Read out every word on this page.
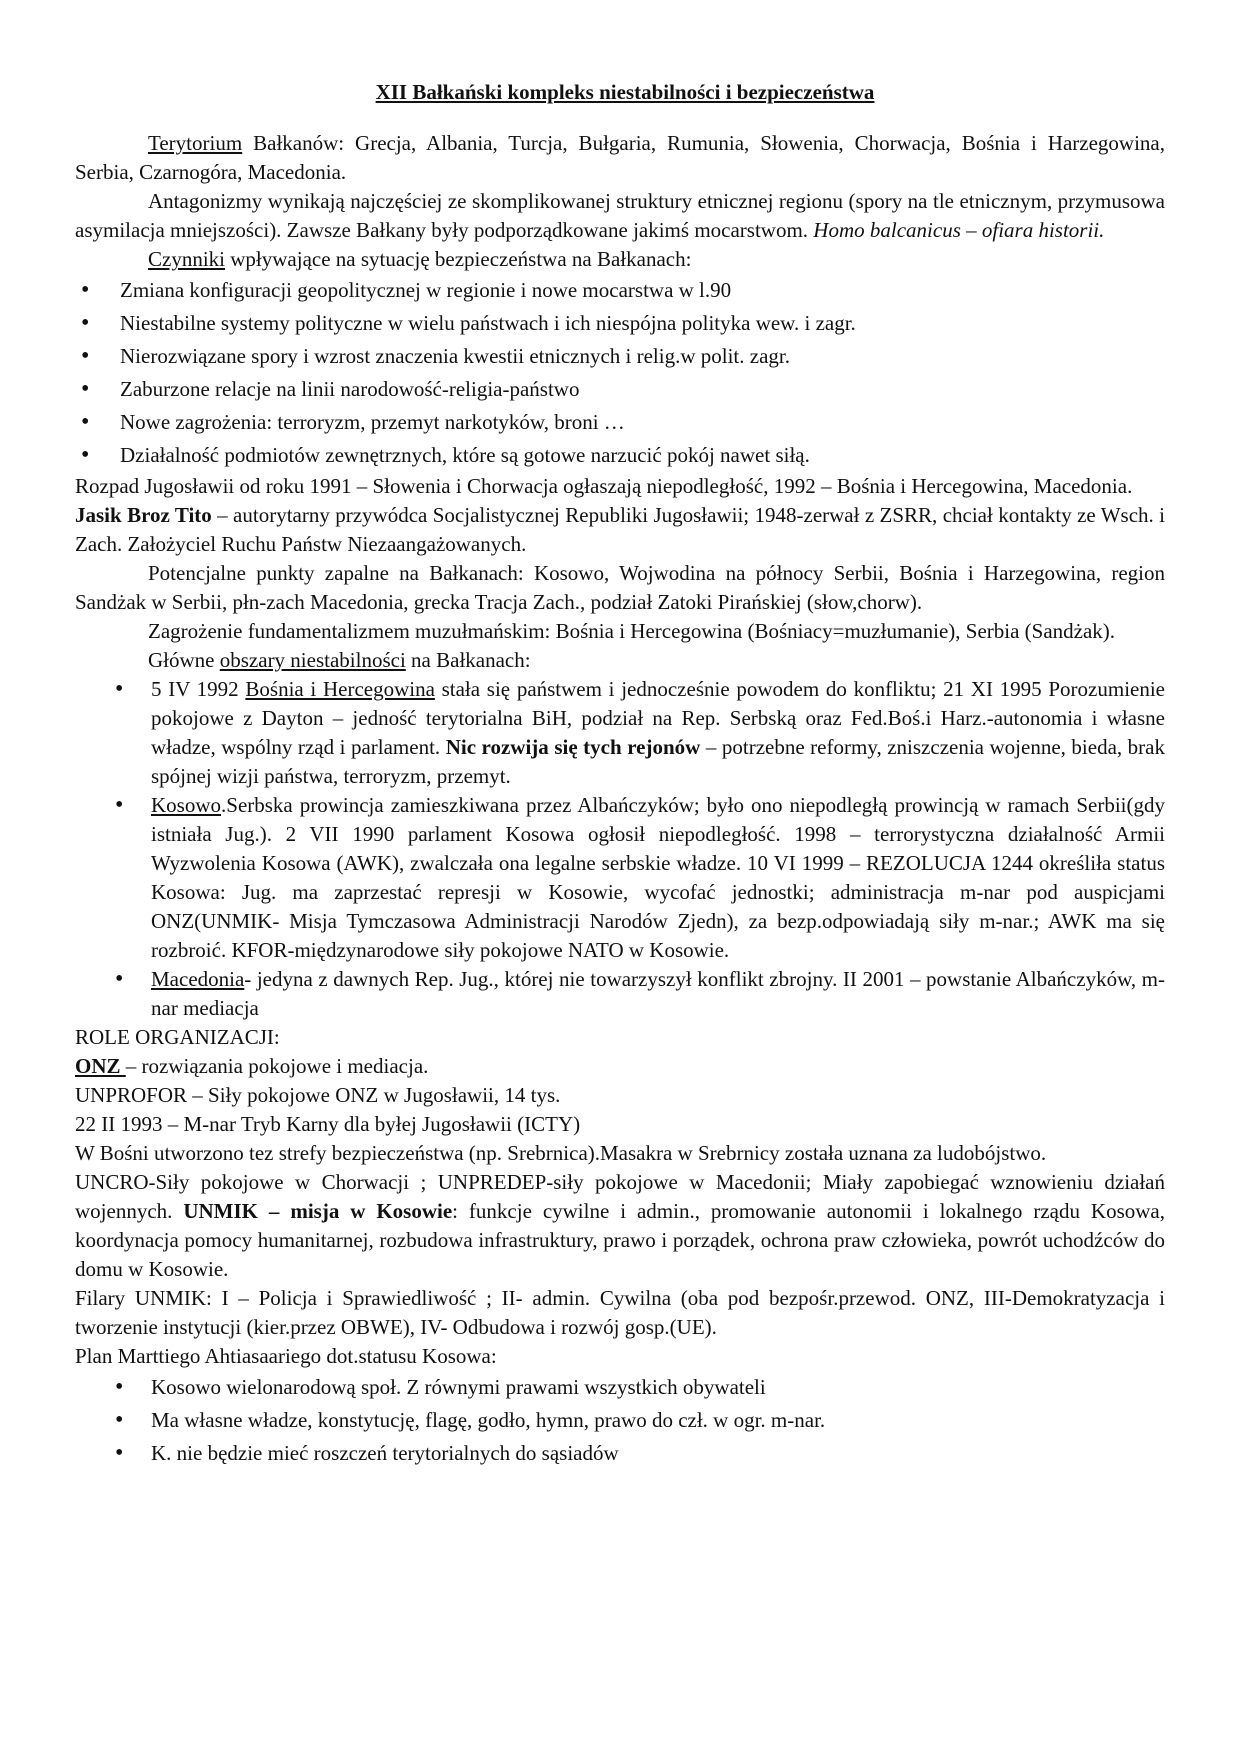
XII Bałkański kompleks niestabilności i bezpieczeństwa

Terytorium Bałkanów: Grecja, Albania, Turcja, Bułgaria, Rumunia, Słowenia, Chorwacja, Bośnia i Harzegowina, Serbia, Czarnogóra, Macedonia.

Antagonizmy wynikają najczęściej ze skomplikowanej struktury etnicznej regionu (spory na tle etnicznym, przymusowa asymilacja mniejszości). Zawsze Bałkany były podporządkowane jakimś mocarstwom. Homo balcanicus – ofiara historii.

Czynniki wpływające na sytuację bezpieczeństwa na Bałkanach:

• Zmiana konfiguracji geopolitycznej w regionie i nowe mocarstwa w l.90
• Niestabilne systemy polityczne w wielu państwach i ich niespójna polityka wew. i zagr.
• Nierozwiązane spory i wzrost znaczenia kwestii etnicznych i relig.w polit. zagr.
• Zaburzone relacje na linii narodowość-religia-państwo
• Nowe zagrożenia: terroryzm, przemyt narkotyków, broni …
• Działalność podmiotów zewnętrznych, które są gotowe narzucić pokój nawet siłą.

Rozpad Jugosławii od roku 1991 – Słowenia i Chorwacja ogłaszają niepodległość, 1992 – Bośnia i Hercegowina, Macedonia.

Jasik Broz Tito – autorytarny przywódca Socjalistycznej Republiki Jugosławii; 1948-zerwał z ZSRR, chciał kontakty ze Wsch. i Zach. Założyciel Ruchu Państw Niezaangażowanych.

Potencjalne punkty zapalne na Bałkanach: Kosowo, Wojwodina na północy Serbii, Bośnia i Harzegowina, region Sandżak w Serbii, płn-zach Macedonia, grecka Tracja Zach., podział Zatoki Pirańskiej (słow,chorw).

Zagrożenie fundamentalizmem muzułmańskim: Bośnia i Hercegowina (Bośniacy=muzłumanie), Serbia (Sandżak).

Główne obszary niestabilności na Bałkanach:

• 5 IV 1992 Bośnia i Hercegowina stała się państwem i jednocześnie powodem do konfliktu; 21 XI 1995 Porozumienie pokojowe z Dayton – jedność terytorialna BiH, podział na Rep. Serbską oraz Fed.Boś.i Harz.-autonomia i własne władze, wspólny rząd i parlament. Nic rozwija się tych rejonów – potrzebne reformy, zniszczenia wojenne, bieda, brak spójnej wizji państwa, terroryzm, przemyt.
• Kosowo.Serbska prowincja zamieszkiwana przez Albańczyków; było ono niepodległą prowincją w ramach Serbii(gdy istniała Jug.). 2 VII 1990 parlament Kosowa ogłosił niepodległość. 1998 – terrorystyczna działalność Armii Wyzwolenia Kosowa (AWK), zwalczała ona legalne serbskie władze. 10 VI 1999 – REZOLUCJA 1244 określiła status Kosowa: Jug. ma zaprzestać represji w Kosowie, wycofać jednostki; administracja m-nar pod auspicjami ONZ(UNMIK- Misja Tymczasowa Administracji Narodów Zjedn), za bezp.odpowiadają siły m-nar.; AWK ma się rozbroić. KFOR-międzynarodowe siły pokojowe NATO w Kosowie.
• Macedonia- jedyna z dawnych Rep. Jug., której nie towarzyszył konflikt zbrojny. II 2001 – powstanie Albańczyków, m-nar mediacja

ROLE ORGANIZACJI:

ONZ – rozwiązania pokojowe i mediacja.

UNPROFOR – Siły pokojowe ONZ w Jugosławii, 14 tys.

22 II 1993 – M-nar Tryb Karny dla byłej Jugosławii (ICTY)

W Bośni utworzono tez strefy bezpieczeństwa (np. Srebrnica).Masakra w Srebrnicy została uznana za ludobójstwo.

UNCRO-Siły pokojowe w Chorwacji ; UNPREDEP-siły pokojowe w Macedonii; Miały zapobiegać wznowieniu działań wojennych. UNMIK – misja w Kosowie: funkcje cywilne i admin., promowanie autonomii i lokalnego rządu Kosowa, koordynacja pomocy humanitarnej, rozbudowa infrastruktury, prawo i porządek, ochrona praw człowieka, powrót uchodźców do domu w Kosowie.

Filary UNMIK: I – Policja i Sprawiedliwość ; II- admin. Cywilna (oba pod bezpośr.przewod. ONZ, III-Demokratyzacja i tworzenie instytucji (kier.przez OBWE), IV- Odbudowa i rozwój gosp.(UE).

Plan Marttiego Ahtiasaariego dot.statusu Kosowa:

• Kosowo wielonarodową społ. Z równymi prawami wszystkich obywateli
• Ma własne władze, konstytucję, flagę, godło, hymn, prawo do czł. w ogr. m-nar.
• K. nie będzie mieć roszczeń terytorialnych do sąsiadów
